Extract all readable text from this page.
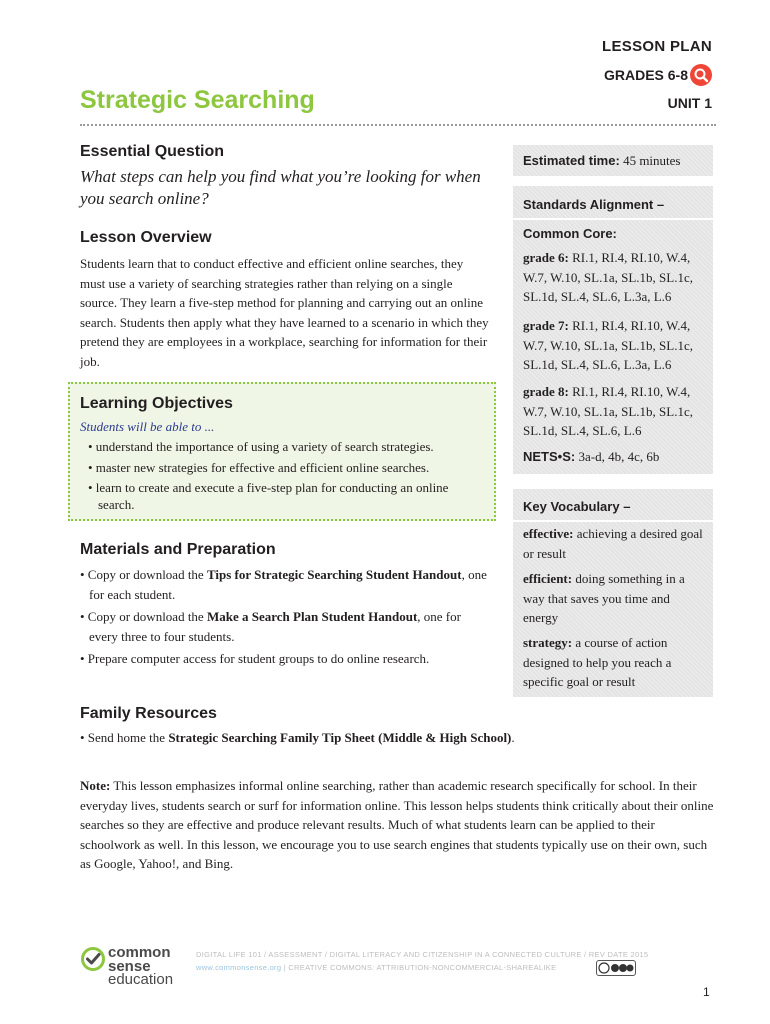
LESSON PLAN
GRADES 6-8
UNIT 1
Strategic Searching
Essential Question
What steps can help you find what you’re looking for when you search online?
Lesson Overview

Students learn that to conduct effective and efficient online searches, they must use a variety of searching strategies rather than relying on a single source. They learn a five-step method for planning and carrying out an online search. Students then apply what they have learned to a scenario in which they pretend they are employees in a workplace, searching for information for their job.

Learning Objectives
Students will be able to ...
• understand the importance of using a variety of search strategies.
• master new strategies for effective and efficient online searches.
• learn to create and execute a five-step plan for conducting an online search.
Materials and Preparation
• Copy or download the Tips for Strategic Searching Student Handout, one for each student.
• Copy or download the Make a Search Plan Student Handout, one for every three to four students.
• Prepare computer access for student groups to do online research.
Family Resources
• Send home the Strategic Searching Family Tip Sheet (Middle & High School).

Note: This lesson emphasizes informal online searching, rather than academic research specifically for school. In their everyday lives, students search or surf for information online. This lesson helps students think critically about their online searches so they are effective and produce relevant results. Much of what students learn can be applied to their schoolwork as well. In this lesson, we encourage you to use search engines that students typically use on their own, such as Google, Yahoo!, and Bing.

Estimated time: 45 minutes
Standards Alignment –
Common Core:

grade 6: RI.1, RI.4, RI.10, W.4, W.7, W.10, SL.1a, SL.1b, SL.1c, SL.1d, SL.4, SL.6, L.3a, L.6

grade 7: RI.1, RI.4, RI.10, W.4, W.7, W.10, SL.1a, SL.1b, SL.1c, SL.1d, SL.4, SL.6, L.3a, L.6

grade 8: RI.1, RI.4, RI.10, W.4, W.7, W.10, SL.1a, SL.1b, SL.1c, SL.1d, SL.4, SL.6, L.6

NETS•S: 3a-d, 4b, 4c, 6b

Key Vocabulary –

effective: achieving a desired goal or result

efficient: doing something in a way that saves you time and energy

strategy: a course of action designed to help you reach a specific goal or result

common
sense
education
DIGITAL LIFE 101 / ASSESSMENT / DIGITAL LITERACY AND CITIZENSHIP IN A CONNECTED CULTURE / REV DATE 2015
www.commonsense.org | CREATIVE COMMONS: ATTRIBUTION-NONCOMMERCIAL-SHAREALIKE
1
